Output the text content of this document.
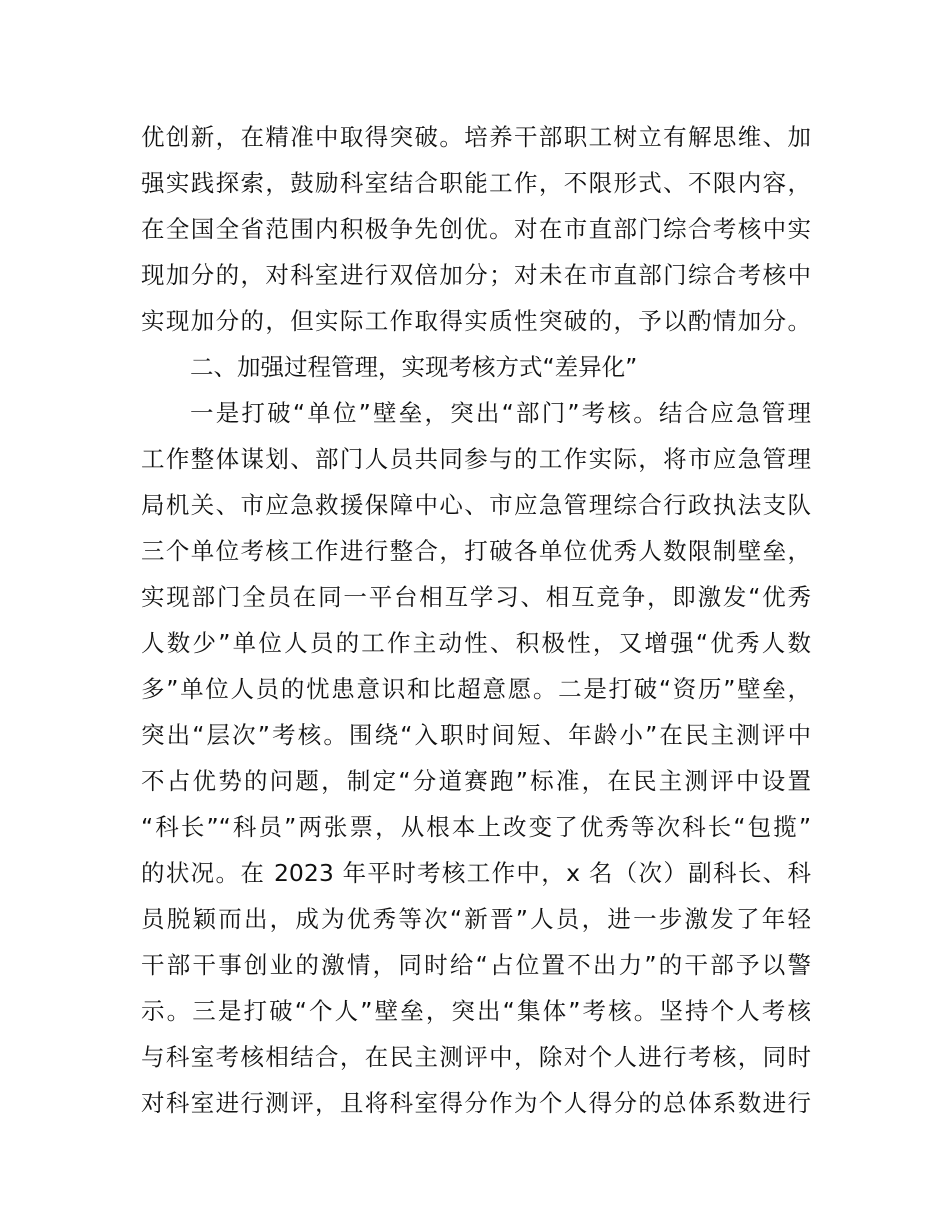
优创新，在精准中取得突破。培养干部职工树立有解思维、加
强实践探索，鼓励科室结合职能工作，不限形式、不限内容，
在全国全省范围内积极争先创优。对在市直部门综合考核中实
现加分的，对科室进行双倍加分；对未在市直部门综合考核中
实现加分的，但实际工作取得实质性突破的，予以酌情加分。
二、加强过程管理，实现考核方式“差异化”
一是打破“单位”壁垒，突出“部门”考核。结合应急管理
工作整体谋划、部门人员共同参与的工作实际，将市应急管理
局机关、市应急救援保障中心、市应急管理综合行政执法支队
三个单位考核工作进行整合，打破各单位优秀人数限制壁垒，
实现部门全员在同一平台相互学习、相互竞争，即激发“优秀
人数少”单位人员的工作主动性、积极性，又增强“优秀人数
多”单位人员的忧患意识和比超意愿。二是打破“资历”壁垒，
突出“层次”考核。围绕“入职时间短、年龄小”在民主测评中
不占优势的问题，制定“分道赛跑”标准，在民主测评中设置
“科长”“科员”两张票，从根本上改变了优秀等次科长“包揽”
的状况。在 2023 年平时考核工作中，x 名（次）副科长、科
员脱颖而出，成为优秀等次“新晋”人员，进一步激发了年轻
干部干事创业的激情，同时给“占位置不出力”的干部予以警
示。三是打破“个人”壁垒，突出“集体”考核。坚持个人考核
与科室考核相结合，在民主测评中，除对个人进行考核，同时
对科室进行测评，且将科室得分作为个人得分的总体系数进行
